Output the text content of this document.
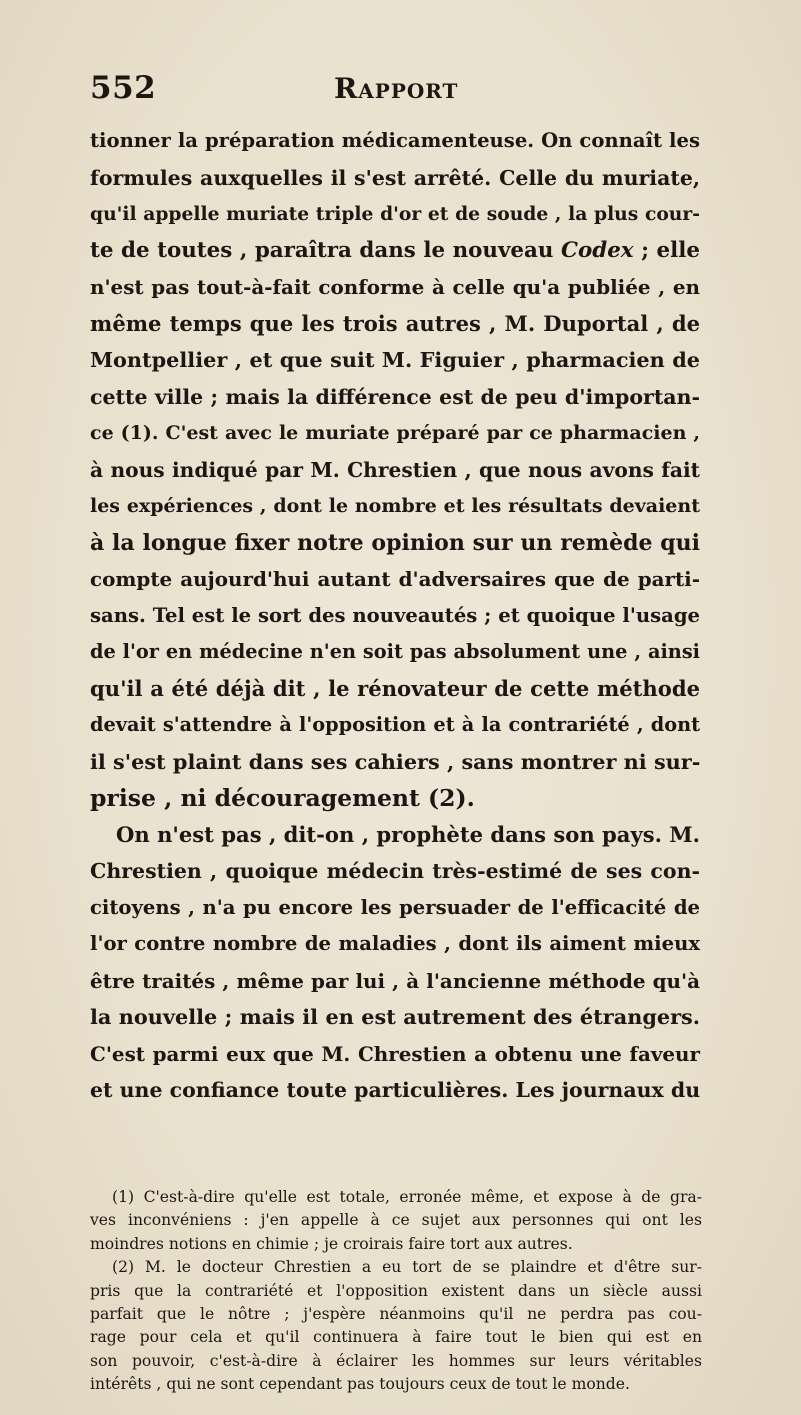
552	Rapport
tionner la préparation médicamenteuse. On connaît les
formules auxquelles il s'est arrêté. Celle du muriate,
qu'il appelle muriate triple d'or et de soude , la plus cour-
te de toutes , paraîtra dans le nouveau Codex ; elle
n'est pas tout-à-fait conforme à celle qu'a publiée , en
même temps que les trois autres , M. Duportal , de
Montpellier , et que suit M. Figuier , pharmacien de
cette ville ; mais la différence est de peu d'importan-
ce (1). C'est avec le muriate préparé par ce pharmacien ,
à nous indiqué par M. Chrestien , que nous avons fait
les expériences , dont le nombre et les résultats devaient
à la longue fixer notre opinion sur un remède qui
compte aujourd'hui autant d'adversaires que de parti-
sans. Tel est le sort des nouveautés ; et quoique l'usage
de l'or en médecine n'en soit pas absolument une , ainsi
qu'il a été déjà dit , le rénovateur de cette méthode
devait s'attendre à l'opposition et à la contrariété , dont
il s'est plaint dans ses cahiers , sans montrer ni sur-
prise , ni découragement (2).
On n'est pas , dit-on , prophète dans son pays. M.
Chrestien , quoique médecin très-estimé de ses con-
citoyens , n'a pu encore les persuader de l'efficacité de
l'or contre nombre de maladies , dont ils aiment mieux
être traités , même par lui , à l'ancienne méthode qu'à
la nouvelle ; mais il en est autrement des étrangers.
C'est parmi eux que M. Chrestien a obtenu une faveur
et une confiance toute particulières. Les journaux du
(1) C'est-à-dire qu'elle est totale, erronée même, et expose à de gra-
ves inconvéniens : j'en appelle à ce sujet aux personnes qui ont les
moindres notions en chimie ; je croirais faire tort aux autres.
(2) M. le docteur Chrestien a eu tort de se plaindre et d'être sur-
pris que la contrariété et l'opposition existent dans un siècle aussi
parfait que le nôtre ; j'espère néanmoins qu'il ne perdra pas cou-
rage pour cela et qu'il continuera à faire tout le bien qui est en
son pouvoir, c'est-à-dire à éclairer les hommes sur leurs véritables
intérêts , qui ne sont cependant pas toujours ceux de tout le monde.
